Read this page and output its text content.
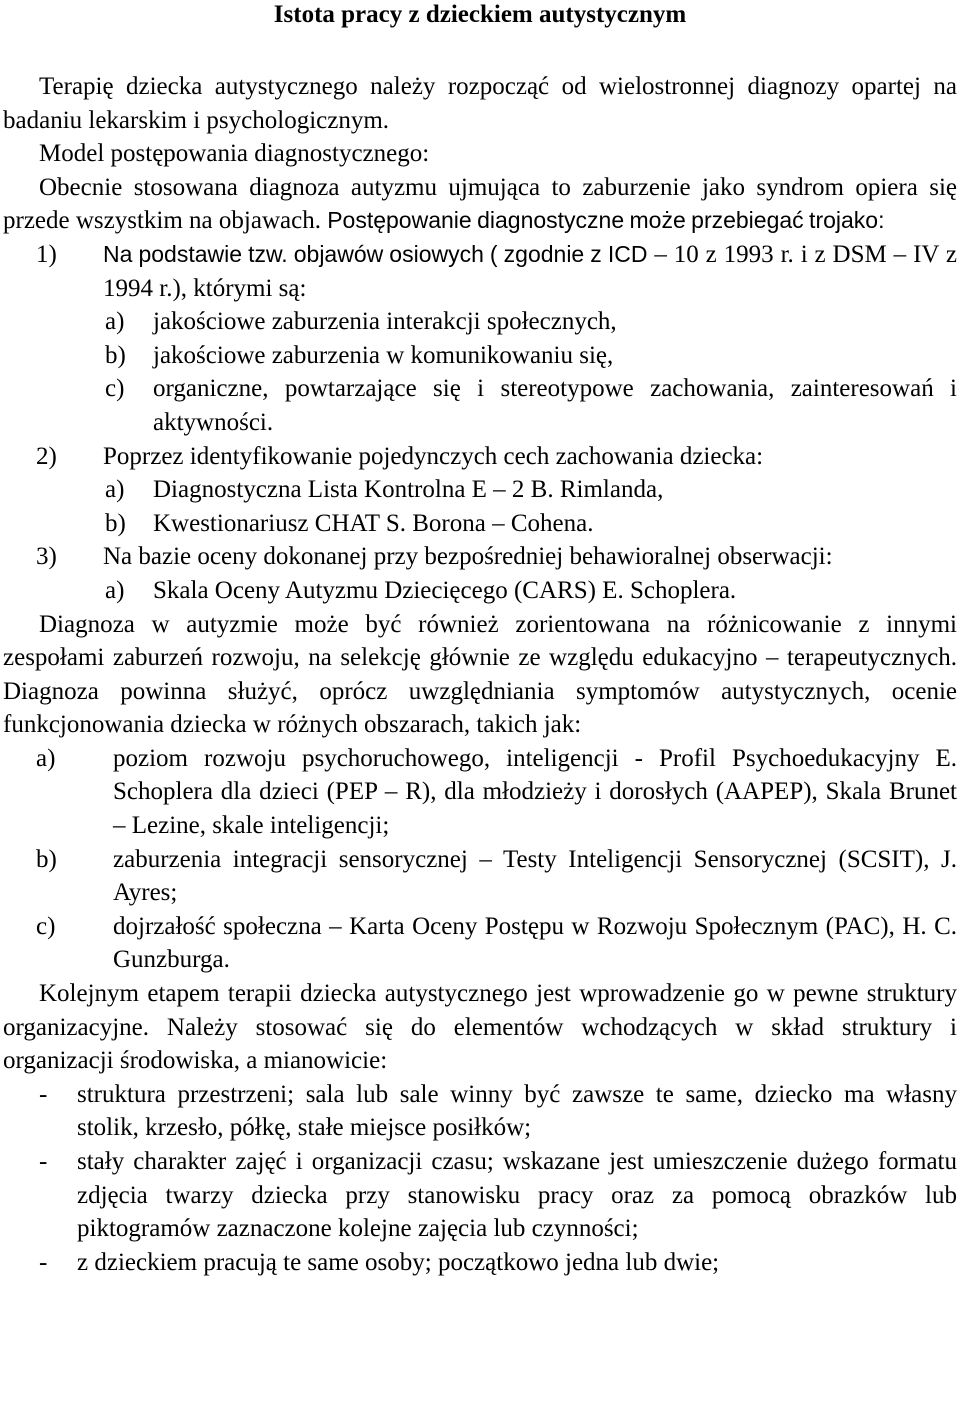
Istota pracy z dzieckiem autystycznym

Terapię dziecka autystycznego należy rozpocząć od wielostronnej diagnozy opartej na badaniu lekarskim i psychologicznym.

Model postępowania diagnostycznego:

Obecnie stosowana diagnoza autyzmu ujmująca to zaburzenie jako syndrom opiera się przede wszystkim na objawach. Postępowanie diagnostyczne może przebiegać trojako:

1) Na podstawie tzw. objawów osiowych ( zgodnie z ICD – 10 z 1993 r. i z DSM – IV z 1994 r.), którymi są:
a) jakościowe zaburzenia interakcji społecznych,
b) jakościowe zaburzenia w komunikowaniu się,
c) organiczne, powtarzające się i stereotypowe zachowania, zainteresowań i aktywności.
2) Poprzez identyfikowanie pojedynczych cech zachowania dziecka:
a) Diagnostyczna Lista Kontrolna E – 2 B. Rimlanda,
b) Kwestionariusz CHAT S. Borona – Cohena.
3) Na bazie oceny dokonanej przy bezpośredniej behawioralnej obserwacji:
a) Skala Oceny Autyzmu Dziecięcego (CARS) E. Schoplera.

Diagnoza w autyzmie może być również zorientowana na różnicowanie z innymi zespołami zaburzeń rozwoju, na selekcję głównie ze względu edukacyjno – terapeutycznych. Diagnoza powinna służyć, oprócz uwzględniania symptomów autystycznych, ocenie funkcjonowania dziecka w różnych obszarach, takich jak:

a) poziom rozwoju psychoruchowego, inteligencji - Profil Psychoedukacyjny E. Schoplera dla dzieci (PEP – R), dla młodzieży i dorosłych (AAPEP), Skala Brunet – Lezine, skale inteligencji;
b) zaburzenia integracji sensorycznej – Testy Inteligencji Sensorycznej (SCSIT), J. Ayres;
c) dojrzałość społeczna – Karta Oceny Postępu w Rozwoju Społecznym (PAC), H. C. Gunzburga.

Kolejnym etapem terapii dziecka autystycznego jest wprowadzenie go w pewne struktury organizacyjne. Należy stosować się do elementów wchodzących w skład struktury i organizacji środowiska, a mianowicie:

- struktura przestrzeni; sala lub sale winny być zawsze te same, dziecko ma własny stolik, krzesło, półkę, stałe miejsce posiłków;
- stały charakter zajęć i organizacji czasu; wskazane jest umieszczenie dużego formatu zdjęcia twarzy dziecka przy stanowisku pracy oraz za pomocą obrazków lub piktogramów zaznaczone kolejne zajęcia lub czynności;
- z dzieckiem pracują te same osoby; początkowo jedna lub dwie;
